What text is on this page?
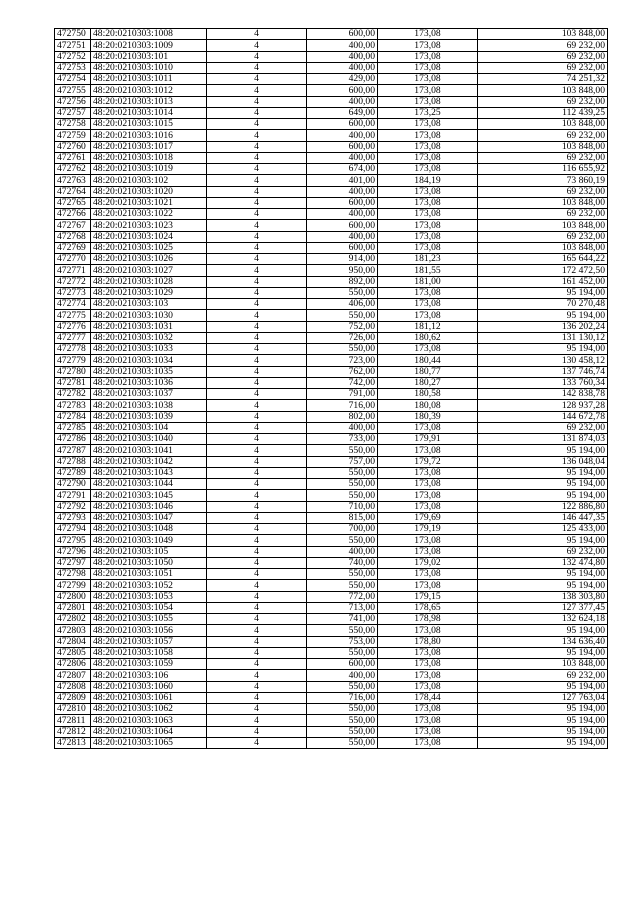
472750	48:20:0210303:1008	4	600,00	173,08	103 848,00
472751	48:20:0210303:1009	4	400,00	173,08	69 232,00
472752	48:20:0210303:101	4	400,00	173,08	69 232,00
472753	48:20:0210303:1010	4	400,00	173,08	69 232,00
472754	48:20:0210303:1011	4	429,00	173,08	74 251,32
472755	48:20:0210303:1012	4	600,00	173,08	103 848,00
472756	48:20:0210303:1013	4	400,00	173,08	69 232,00
472757	48:20:0210303:1014	4	649,00	173,25	112 439,25
472758	48:20:0210303:1015	4	600,00	173,08	103 848,00
472759	48:20:0210303:1016	4	400,00	173,08	69 232,00
472760	48:20:0210303:1017	4	600,00	173,08	103 848,00
472761	48:20:0210303:1018	4	400,00	173,08	69 232,00
472762	48:20:0210303:1019	4	674,00	173,08	116 655,92
472763	48:20:0210303:102	4	401,00	184,19	73 860,19
472764	48:20:0210303:1020	4	400,00	173,08	69 232,00
472765	48:20:0210303:1021	4	600,00	173,08	103 848,00
472766	48:20:0210303:1022	4	400,00	173,08	69 232,00
472767	48:20:0210303:1023	4	600,00	173,08	103 848,00
472768	48:20:0210303:1024	4	400,00	173,08	69 232,00
472769	48:20:0210303:1025	4	600,00	173,08	103 848,00
472770	48:20:0210303:1026	4	914,00	181,23	165 644,22
472771	48:20:0210303:1027	4	950,00	181,55	172 472,50
472772	48:20:0210303:1028	4	892,00	181,00	161 452,00
472773	48:20:0210303:1029	4	550,00	173,08	95 194,00
472774	48:20:0210303:103	4	406,00	173,08	70 270,48
472775	48:20:0210303:1030	4	550,00	173,08	95 194,00
472776	48:20:0210303:1031	4	752,00	181,12	136 202,24
472777	48:20:0210303:1032	4	726,00	180,62	131 130,12
472778	48:20:0210303:1033	4	550,00	173,08	95 194,00
472779	48:20:0210303:1034	4	723,00	180,44	130 458,12
472780	48:20:0210303:1035	4	762,00	180,77	137 746,74
472781	48:20:0210303:1036	4	742,00	180,27	133 760,34
472782	48:20:0210303:1037	4	791,00	180,58	142 838,78
472783	48:20:0210303:1038	4	716,00	180,08	128 937,28
472784	48:20:0210303:1039	4	802,00	180,39	144 672,78
472785	48:20:0210303:104	4	400,00	173,08	69 232,00
472786	48:20:0210303:1040	4	733,00	179,91	131 874,03
472787	48:20:0210303:1041	4	550,00	173,08	95 194,00
472788	48:20:0210303:1042	4	757,00	179,72	136 048,04
472789	48:20:0210303:1043	4	550,00	173,08	95 194,00
472790	48:20:0210303:1044	4	550,00	173,08	95 194,00
472791	48:20:0210303:1045	4	550,00	173,08	95 194,00
472792	48:20:0210303:1046	4	710,00	173,08	122 886,80
472793	48:20:0210303:1047	4	815,00	179,69	146 447,35
472794	48:20:0210303:1048	4	700,00	179,19	125 433,00
472795	48:20:0210303:1049	4	550,00	173,08	95 194,00
472796	48:20:0210303:105	4	400,00	173,08	69 232,00
472797	48:20:0210303:1050	4	740,00	179,02	132 474,80
472798	48:20:0210303:1051	4	550,00	173,08	95 194,00
472799	48:20:0210303:1052	4	550,00	173,08	95 194,00
472800	48:20:0210303:1053	4	772,00	179,15	138 303,80
472801	48:20:0210303:1054	4	713,00	178,65	127 377,45
472802	48:20:0210303:1055	4	741,00	178,98	132 624,18
472803	48:20:0210303:1056	4	550,00	173,08	95 194,00
472804	48:20:0210303:1057	4	753,00	178,80	134 636,40
472805	48:20:0210303:1058	4	550,00	173,08	95 194,00
472806	48:20:0210303:1059	4	600,00	173,08	103 848,00
472807	48:20:0210303:106	4	400,00	173,08	69 232,00
472808	48:20:0210303:1060	4	550,00	173,08	95 194,00
472809	48:20:0210303:1061	4	716,00	178,44	127 763,04
472810	48:20:0210303:1062	4	550,00	173,08	95 194,00
472811	48:20:0210303:1063	4	550,00	173,08	95 194,00
472812	48:20:0210303:1064	4	550,00	173,08	95 194,00
472813	48:20:0210303:1065	4	550,00	173,08	95 194,00
